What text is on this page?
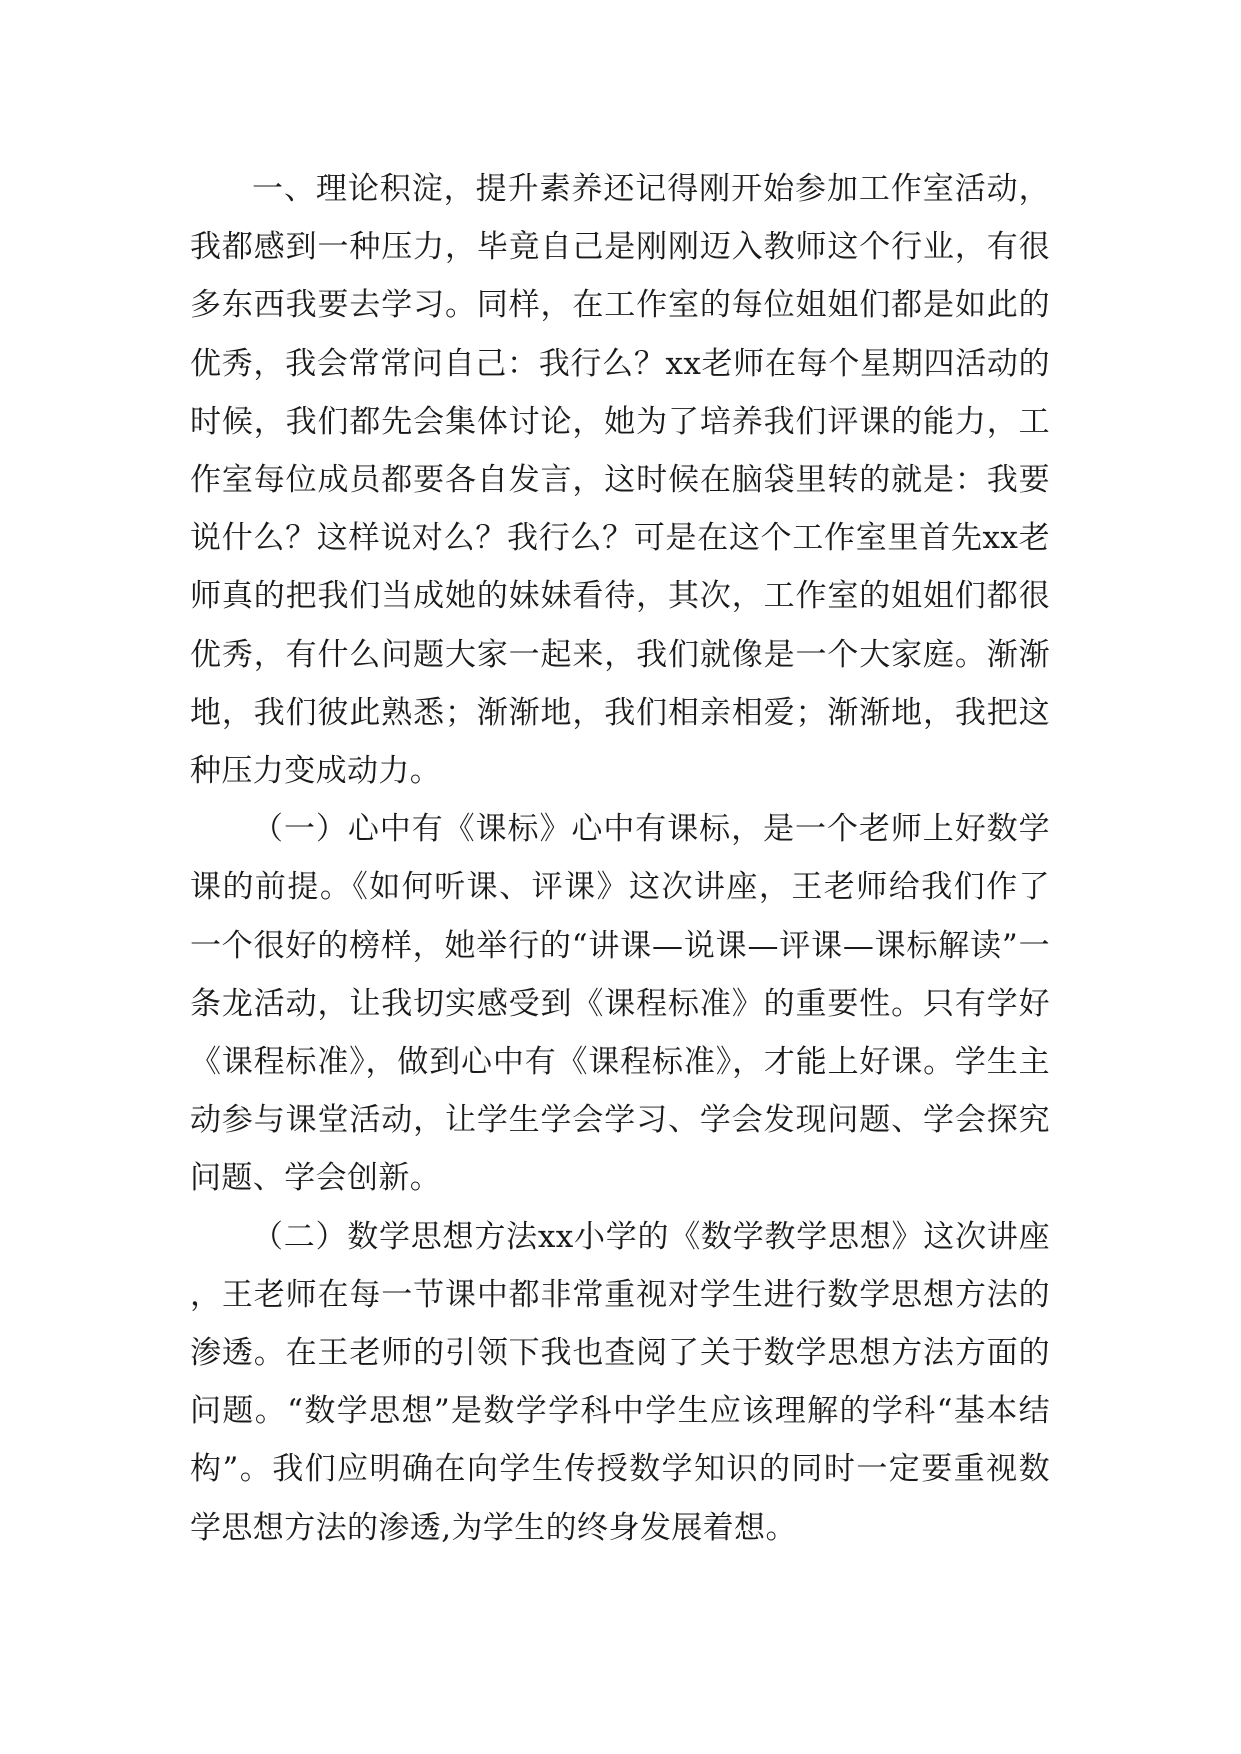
一、理论积淀，提升素养还记得刚开始参加工作室活动，我都感到一种压力，毕竟自己是刚刚迈入教师这个行业，有很多东西我要去学习。同样，在工作室的每位姐姐们都是如此的优秀，我会常常问自己：我行么？xx老师在每个星期四活动的时候，我们都先会集体讨论，她为了培养我们评课的能力，工作室每位成员都要各自发言，这时候在脑袋里转的就是：我要说什么？这样说对么？我行么？可是在这个工作室里首先xx老师真的把我们当成她的妹妹看待，其次，工作室的姐姐们都很优秀，有什么问题大家一起来，我们就像是一个大家庭。渐渐地，我们彼此熟悉；渐渐地，我们相亲相爱；渐渐地，我把这种压力变成动力。

（一）心中有《课标》心中有课标，是一个老师上好数学课的前提。《如何听课、评课》这次讲座，王老师给我们作了一个很好的榜样，她举行的“讲课—说课—评课—课标解读”一条龙活动，让我切实感受到《课程标准》的重要性。只有学好《课程标准》，做到心中有《课程标准》，才能上好课。学生主动参与课堂活动，让学生学会学习、学会发现问题、学会探究问题、学会创新。

（二）数学思想方法xx小学的《数学教学思想》这次讲座，王老师在每一节课中都非常重视对学生进行数学思想方法的渗透。在王老师的引领下我也查阅了关于数学思想方法方面的问题。“数学思想”是数学学科中学生应该理解的学科“基本结构”。我们应明确在向学生传授数学知识的同时一定要重视数学思想方法的渗透,为学生的终身发展着想。
